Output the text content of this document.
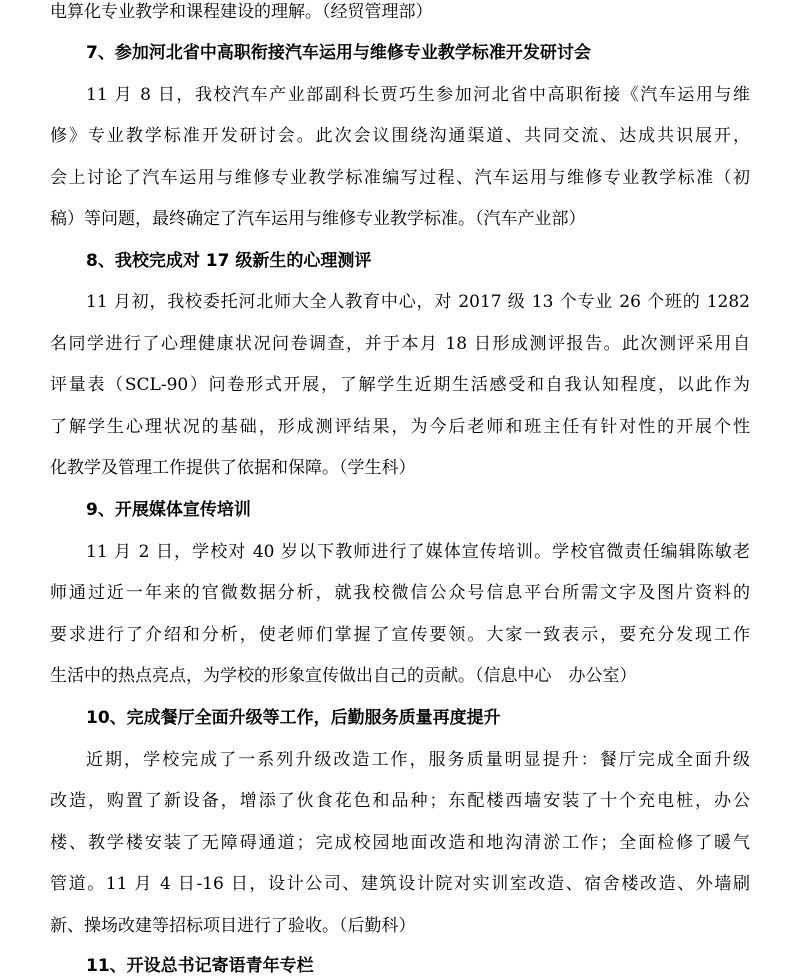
电算化专业教学和课程建设的理解。（经贸管理部）
7、参加河北省中高职衔接汽车运用与维修专业教学标准开发研讨会
11 月 8 日，我校汽车产业部副科长贾巧生参加河北省中高职衔接《汽车运用与维
修》专业教学标准开发研讨会。此次会议围绕沟通渠道、共同交流、达成共识展开，
会上讨论了汽车运用与维修专业教学标准编写过程、汽车运用与维修专业教学标准（初
稿）等问题，最终确定了汽车运用与维修专业教学标准。（汽车产业部）
8、我校完成对 17 级新生的心理测评
11 月初，我校委托河北师大全人教育中心，对 2017 级 13 个专业 26 个班的 1282
名同学进行了心理健康状况问卷调查，并于本月 18 日形成测评报告。此次测评采用自
评量表（SCL-90）问卷形式开展，了解学生近期生活感受和自我认知程度，以此作为
了解学生心理状况的基础，形成测评结果，为今后老师和班主任有针对性的开展个性
化教学及管理工作提供了依据和保障。（学生科）
9、开展媒体宣传培训
11 月 2 日，学校对 40 岁以下教师进行了媒体宣传培训。学校官微责任编辑陈敏老
师通过近一年来的官微数据分析，就我校微信公众号信息平台所需文字及图片资料的
要求进行了介绍和分析，使老师们掌握了宣传要领。大家一致表示，要充分发现工作
生活中的热点亮点，为学校的形象宣传做出自己的贡献。（信息中心　办公室）
10、完成餐厅全面升级等工作，后勤服务质量再度提升
近期，学校完成了一系列升级改造工作，服务质量明显提升：餐厅完成全面升级
改造，购置了新设备，增添了伙食花色和品种；东配楼西墙安装了十个充电桩，办公
楼、教学楼安装了无障碍通道；完成校园地面改造和地沟清淤工作；全面检修了暖气
管道。11 月 4 日-16 日，设计公司、建筑设计院对实训室改造、宿舍楼改造、外墙刷
新、操场改建等招标项目进行了验收。（后勤科）
11、开设总书记寄语青年专栏
